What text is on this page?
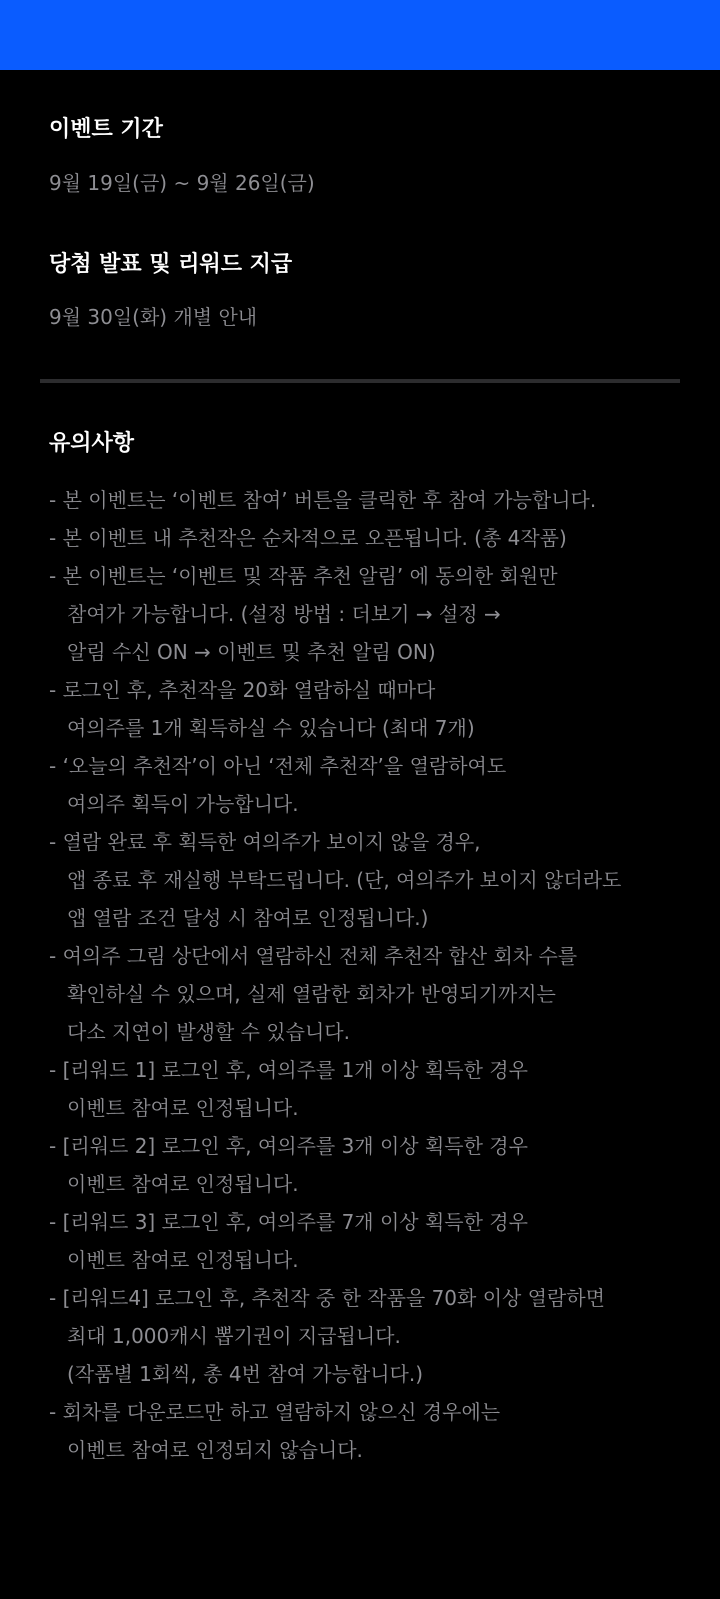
이벤트 기간

9월 19일(금) ~ 9월 26일(금)

당첨 발표 및 리워드 지급

9월 30일(화) 개별 안내

유의사항
- 본 이벤트는 ‘이벤트 참여’ 버튼을 클릭한 후 참여 가능합니다.
- 본 이벤트 내 추천작은 순차적으로 오픈됩니다. (총 4작품)
- 본 이벤트는 ‘이벤트 및 작품 추천 알림’ 에 동의한 회원만
참여가 가능합니다. (설정 방법 : 더보기 → 설정 →
알림 수신 ON → 이벤트 및 추천 알림 ON)
- 로그인 후, 추천작을 20화 열람하실 때마다
여의주를 1개 획득하실 수 있습니다 (최대 7개)
- ‘오늘의 추천작’이 아닌 ‘전체 추천작’을 열람하여도
여의주 획득이 가능합니다.
- 열람 완료 후 획득한 여의주가 보이지 않을 경우,
앱 종료 후 재실행 부탁드립니다. (단, 여의주가 보이지 않더라도
앱 열람 조건 달성 시 참여로 인정됩니다.)
- 여의주 그림 상단에서 열람하신 전체 추천작 합산 회차 수를
확인하실 수 있으며, 실제 열람한 회차가 반영되기까지는
다소 지연이 발생할 수 있습니다.
- [리워드 1] 로그인 후, 여의주를 1개 이상 획득한 경우
이벤트 참여로 인정됩니다.
- [리워드 2] 로그인 후, 여의주를 3개 이상 획득한 경우
이벤트 참여로 인정됩니다.
- [리워드 3] 로그인 후, 여의주를 7개 이상 획득한 경우
이벤트 참여로 인정됩니다.
- [리워드4] 로그인 후, 추천작 중 한 작품을 70화 이상 열람하면
최대 1,000캐시 뽑기권이 지급됩니다.
(작품별 1회씩, 총 4번 참여 가능합니다.)
- 회차를 다운로드만 하고 열람하지 않으신 경우에는
이벤트 참여로 인정되지 않습니다.
